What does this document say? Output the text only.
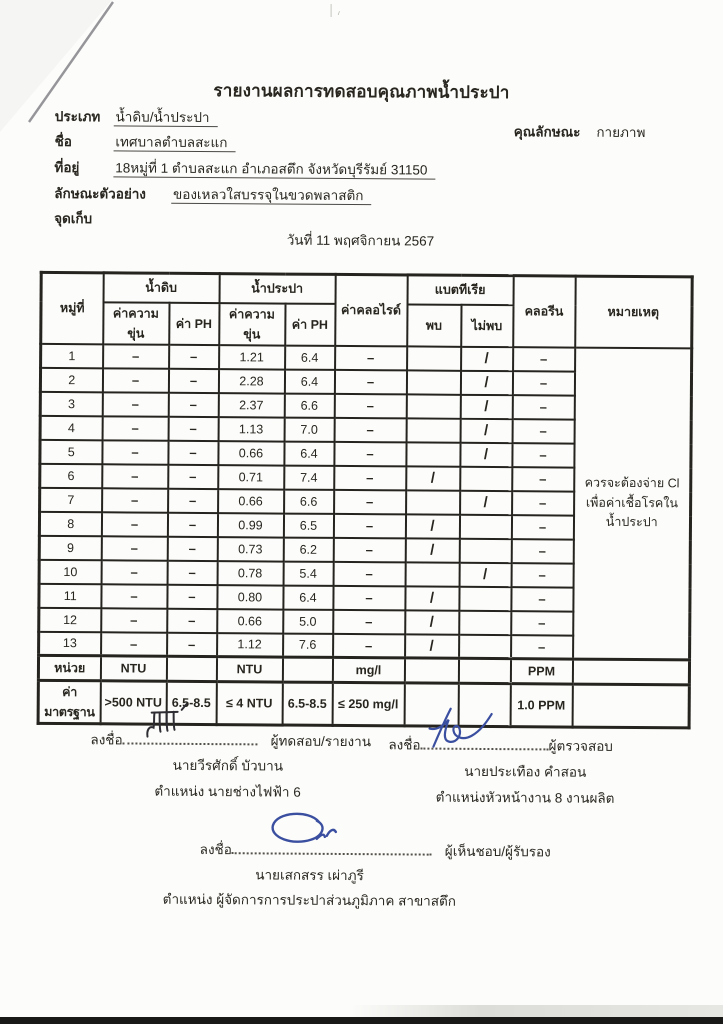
รายงานผลการทดสอบคุณภาพน้ำประปา
ประเภท น้ำดิบ/น้ำประปา
ชื่อ	เทศบาลตำบลสะแก
ที่อยู่	18หมู่ที่ 1 ตำบลสะแก อำเภอสตึก จังหวัดบุรีรัมย์ 31150
ลักษณะตัวอย่าง ของเหลวใสบรรจุในขวดพลาสติก
จุดเก็บ
คุณลักษณะ กายภาพ
วันที่ 11 พฤศจิกายน 2567
หมู่ที่	น้ำดิบ		น้ำประปา		ค่าคลอไรด์	แบตทีเรีย		คลอรีน	หมายเหตุ
	ค่าความขุ่น	ค่า PH	ค่าความขุ่น	ค่า PH		พบ	ไม่พบ		
1	–	–	1.21	6.4	–		/	–	ควรจะต้องจ่าย Cl เพื่อค่าเชื้อโรคใน น้ำประปา
2	–	–	2.28	6.4	–		/	–	
3	–	–	2.37	6.6	–		/	–	
4	–	–	1.13	7.0	–		/	–	
5	–	–	0.66	6.4	–		/	–	
6	–	–	0.71	7.4	–	/		–	
7	–	–	0.66	6.6	–		/	–	
8	–	–	0.99	6.5	–	/		–	
9	–	–	0.73	6.2	–	/		–	
10	–	–	0.78	5.4	–		/	–	
11	–	–	0.80	6.4	–	/		–	
12	–	–	0.66	5.0	–	/		–	
13	–	–	1.12	7.6	–	/		–	
หน่วย	NTU		NTU		mg/l			PPM	
ค่ามาตรฐาน	>500 NTU	6.5-8.5	≤ 4 NTU	6.5-8.5	≤ 250 mg/l			1.0 PPM	
ลงชื่อ	ผู้ทดสอบ/รายงาน
นายวีรศักดิ์ บัวบาน
ตำแหน่ง นายช่างไฟฟ้า 6
ลงชื่อ	ผู้ตรวจสอบ
นายประเทือง คำสอน
ตำแหน่งหัวหน้างาน 8 งานผลิต
ลงชื่อ	ผู้เห็นชอบ/ผู้รับรอง
นายเสกสรร เผ่าภูรี
ตำแหน่ง ผู้จัดการการประปาส่วนภูมิภาค สาขาสตึก
׀ ៸
